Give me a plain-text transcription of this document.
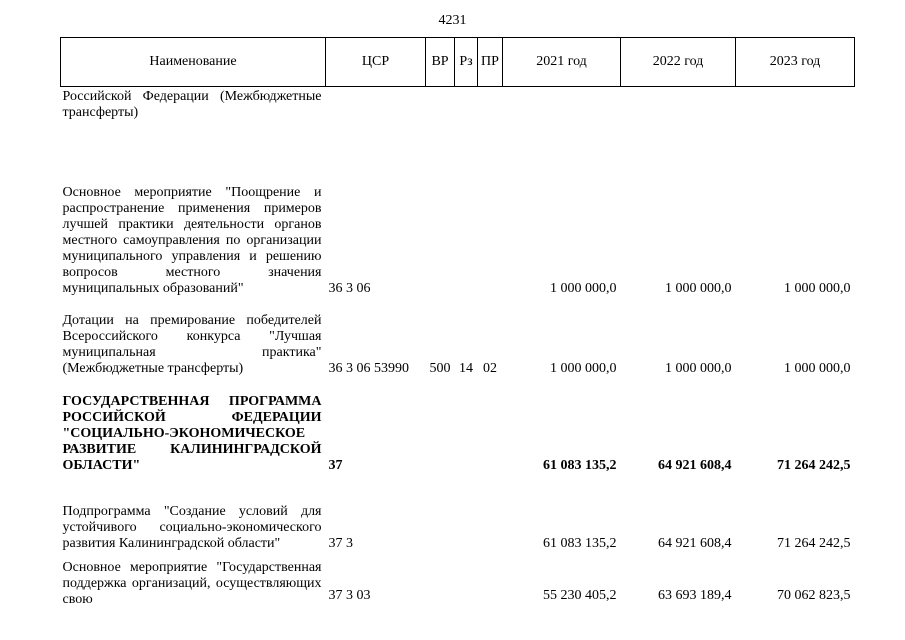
4231
Наименование	ЦСР	ВР	Рз	ПР	2021 год	2022 год	2023 год
Российской Федерации (Межбюджетные трансферты)							
Основное мероприятие "Поощрение и распространение применения примеров лучшей практики деятельности органов местного самоуправления по организации муниципального управления и решению вопросов местного значения муниципальных образований"	36 3 06				1 000 000,0	1 000 000,0	1 000 000,0
Дотации на премирование победителей Всероссийского конкурса "Лучшая муниципальная практика" (Межбюджетные трансферты)	36 3 06 53990	500	14	02	1 000 000,0	1 000 000,0	1 000 000,0
ГОСУДАРСТВЕННАЯ ПРОГРАММА РОССИЙСКОЙ ФЕДЕРАЦИИ "СОЦИАЛЬНО-ЭКОНОМИЧЕСКОЕ РАЗВИТИЕ КАЛИНИНГРАДСКОЙ ОБЛАСТИ"	37				61 083 135,2	64 921 608,4	71 264 242,5
Подпрограмма "Создание условий для устойчивого социально-экономического развития Калининградской области"	37 3				61 083 135,2	64 921 608,4	71 264 242,5
Основное мероприятие "Государственная поддержка организаций, осуществляющих свою	37 3 03				55 230 405,2	63 693 189,4	70 062 823,5
